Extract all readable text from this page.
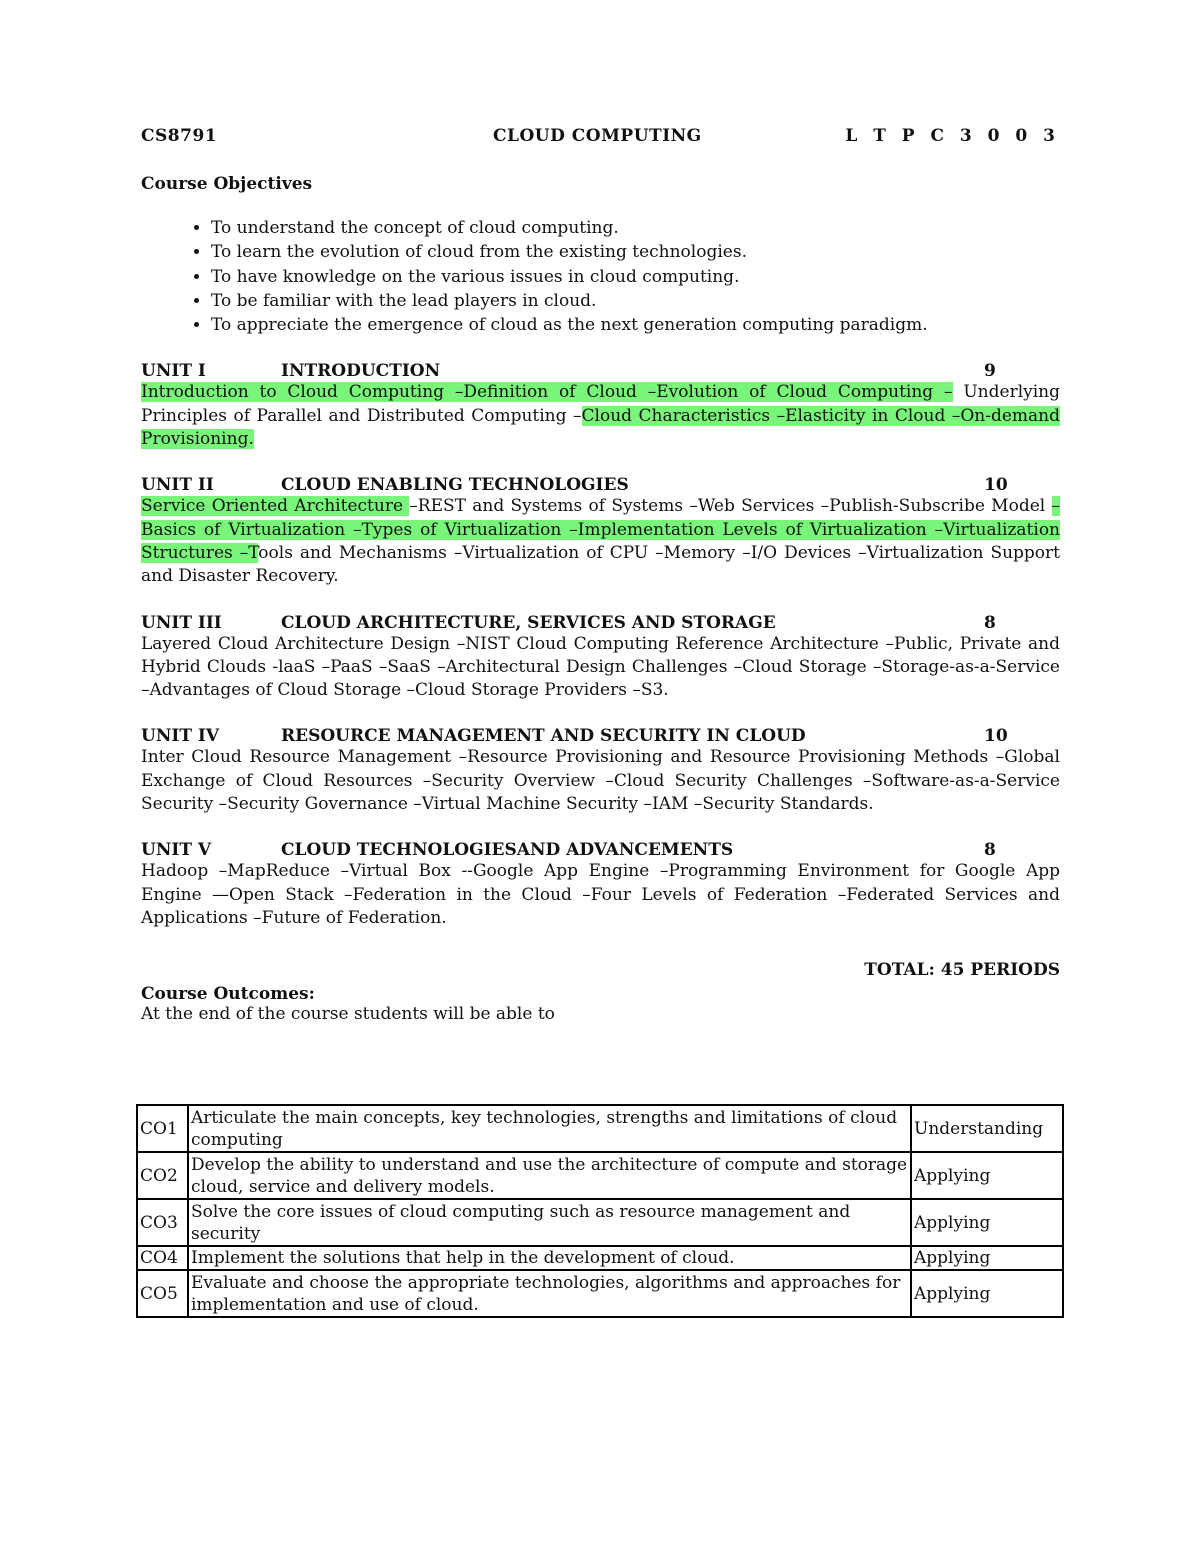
CS8791	CLOUD COMPUTING	L T P C 3 0 0 3
Course Objectives
• To understand the concept of cloud computing.
• To learn the evolution of cloud from the existing technologies.
• To have knowledge on the various issues in cloud computing.
• To be familiar with the lead players in cloud.
• To appreciate the emergence of cloud as the next generation computing paradigm.
UNIT I	INTRODUCTION	9
Introduction to Cloud Computing –Definition of Cloud –Evolution of Cloud Computing – Underlying Principles of Parallel and Distributed Computing –Cloud Characteristics –Elasticity in Cloud –On-demand Provisioning.
UNIT II	CLOUD ENABLING TECHNOLOGIES	10
Service Oriented Architecture –REST and Systems of Systems –Web Services –Publish-Subscribe Model –Basics of Virtualization –Types of Virtualization –Implementation Levels of Virtualization –Virtualization Structures –Tools and Mechanisms –Virtualization of CPU –Memory –I/O Devices –Virtualization Support and Disaster Recovery.
UNIT III	CLOUD ARCHITECTURE, SERVICES AND STORAGE	8
Layered Cloud Architecture Design –NIST Cloud Computing Reference Architecture –Public, Private and Hybrid Clouds -laaS –PaaS –SaaS –Architectural Design Challenges –Cloud Storage –Storage-as-a-Service –Advantages of Cloud Storage –Cloud Storage Providers –S3.
UNIT IV	RESOURCE MANAGEMENT AND SECURITY IN CLOUD	10
Inter Cloud Resource Management –Resource Provisioning and Resource Provisioning Methods –Global Exchange of Cloud Resources –Security Overview –Cloud Security Challenges –Software-as-a-Service Security –Security Governance –Virtual Machine Security –IAM –Security Standards.
UNIT V	CLOUD TECHNOLOGIESAND ADVANCEMENTS	8
Hadoop –MapReduce –Virtual Box --Google App Engine –Programming Environment for Google App Engine —Open Stack –Federation in the Cloud –Four Levels of Federation –Federated Services and Applications –Future of Federation.
TOTAL: 45 PERIODS
Course Outcomes:
At the end of the course students will be able to
CO1	Articulate the main concepts, key technologies, strengths and limitations of cloud computing	Understanding
CO2	Develop the ability to understand and use the architecture of compute and storage cloud, service and delivery models.	Applying
CO3	Solve the core issues of cloud computing such as resource management and security	Applying
CO4	Implement the solutions that help in the development of cloud.	Applying
CO5	Evaluate and choose the appropriate technologies, algorithms and approaches for implementation and use of cloud.	Applying
